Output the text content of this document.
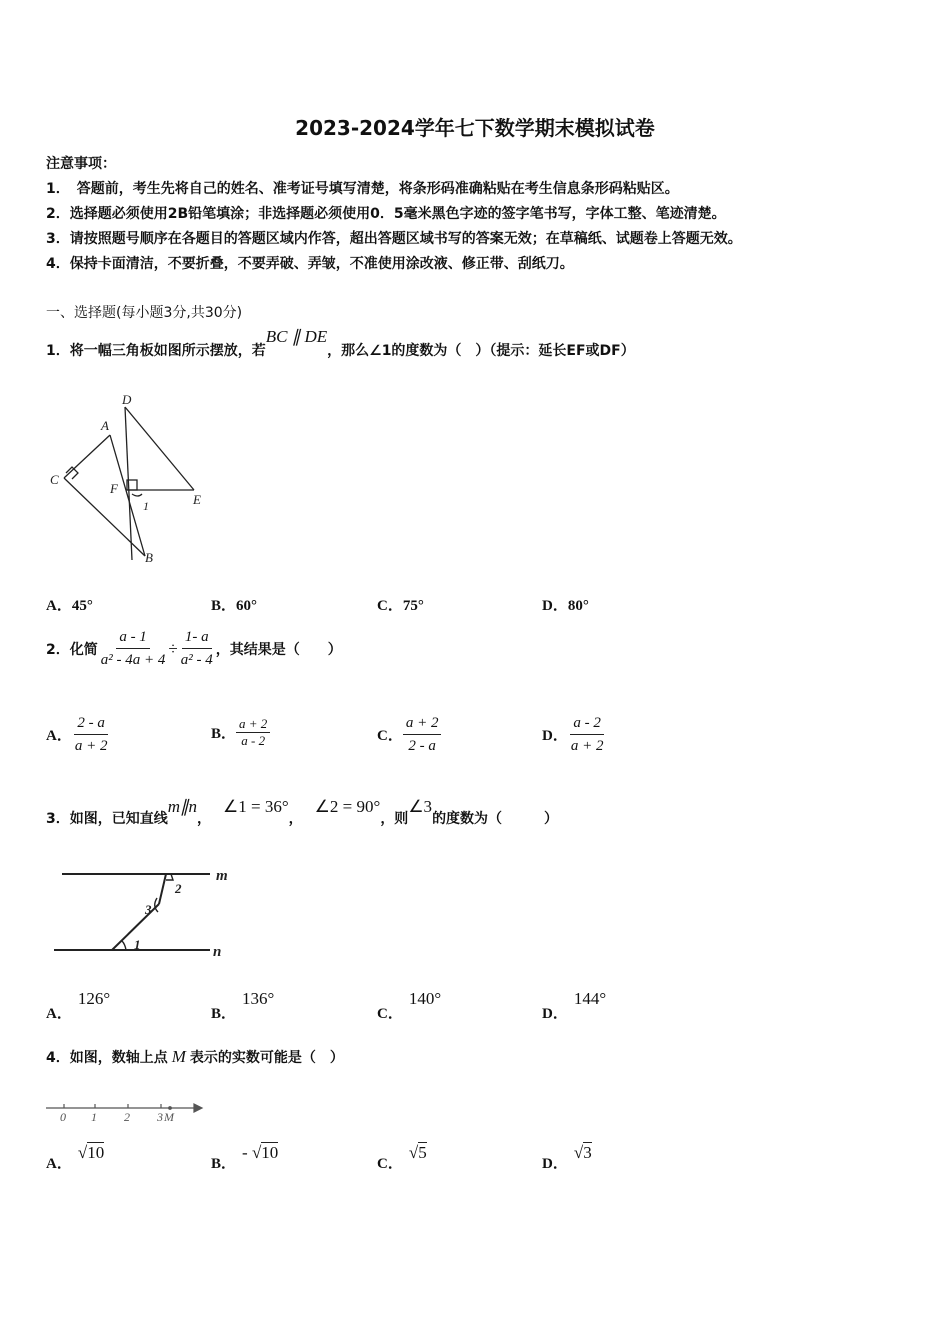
2023-2024学年七下数学期末模拟试卷
注意事项：
1．　答题前，考生先将自己的姓名、准考证号填写清楚，将条形码准确粘贴在考生信息条形码粘贴区。
2．选择题必须使用2B铅笔填涂；非选择题必须使用0．5毫米黑色字迹的签字笔书写，字体工整、笔迹清楚。
3．请按照题号顺序在各题目的答题区域内作答，超出答题区域书写的答案无效；在草稿纸、试题卷上答题无效。
4．保持卡面清洁，不要折叠，不要弄破、弄皱，不准使用涂改液、修正带、刮纸刀。
一、选择题(每小题3分,共30分)
1．将一幅三角板如图所示摆放，若BC ∥ DE，那么∠1的度数为（　）（提示：延长EF或DF）
D
A
C
F
1	E
B
A．45°	B．60°	C．75°	D．80°
2．化简 $\frac{a - 1}{\text{a² - 4a + 4}} \div \frac{1- a}{\text{a² - 4}}$ ，其结果是（　　）
A． $\frac{2 - a}{a + 2}$	B． $\frac{a + 2}{a - 2}$	C． $\frac{a + 2}{2 - a}$	D． $\frac{a - 2}{a + 2}$
3．如图，已知直线m∥n，∠1 = 36°，∠2 = 90°，则∠3的度数为（　　　）
m
n
1
2
3
A．126°
B．136°
C．140°
D．144°
4．如图，数轴上点 M 表示的实数可能是（　）
0 1 2 3 M
A．√10
B．- √10
C．√5
D．√3
